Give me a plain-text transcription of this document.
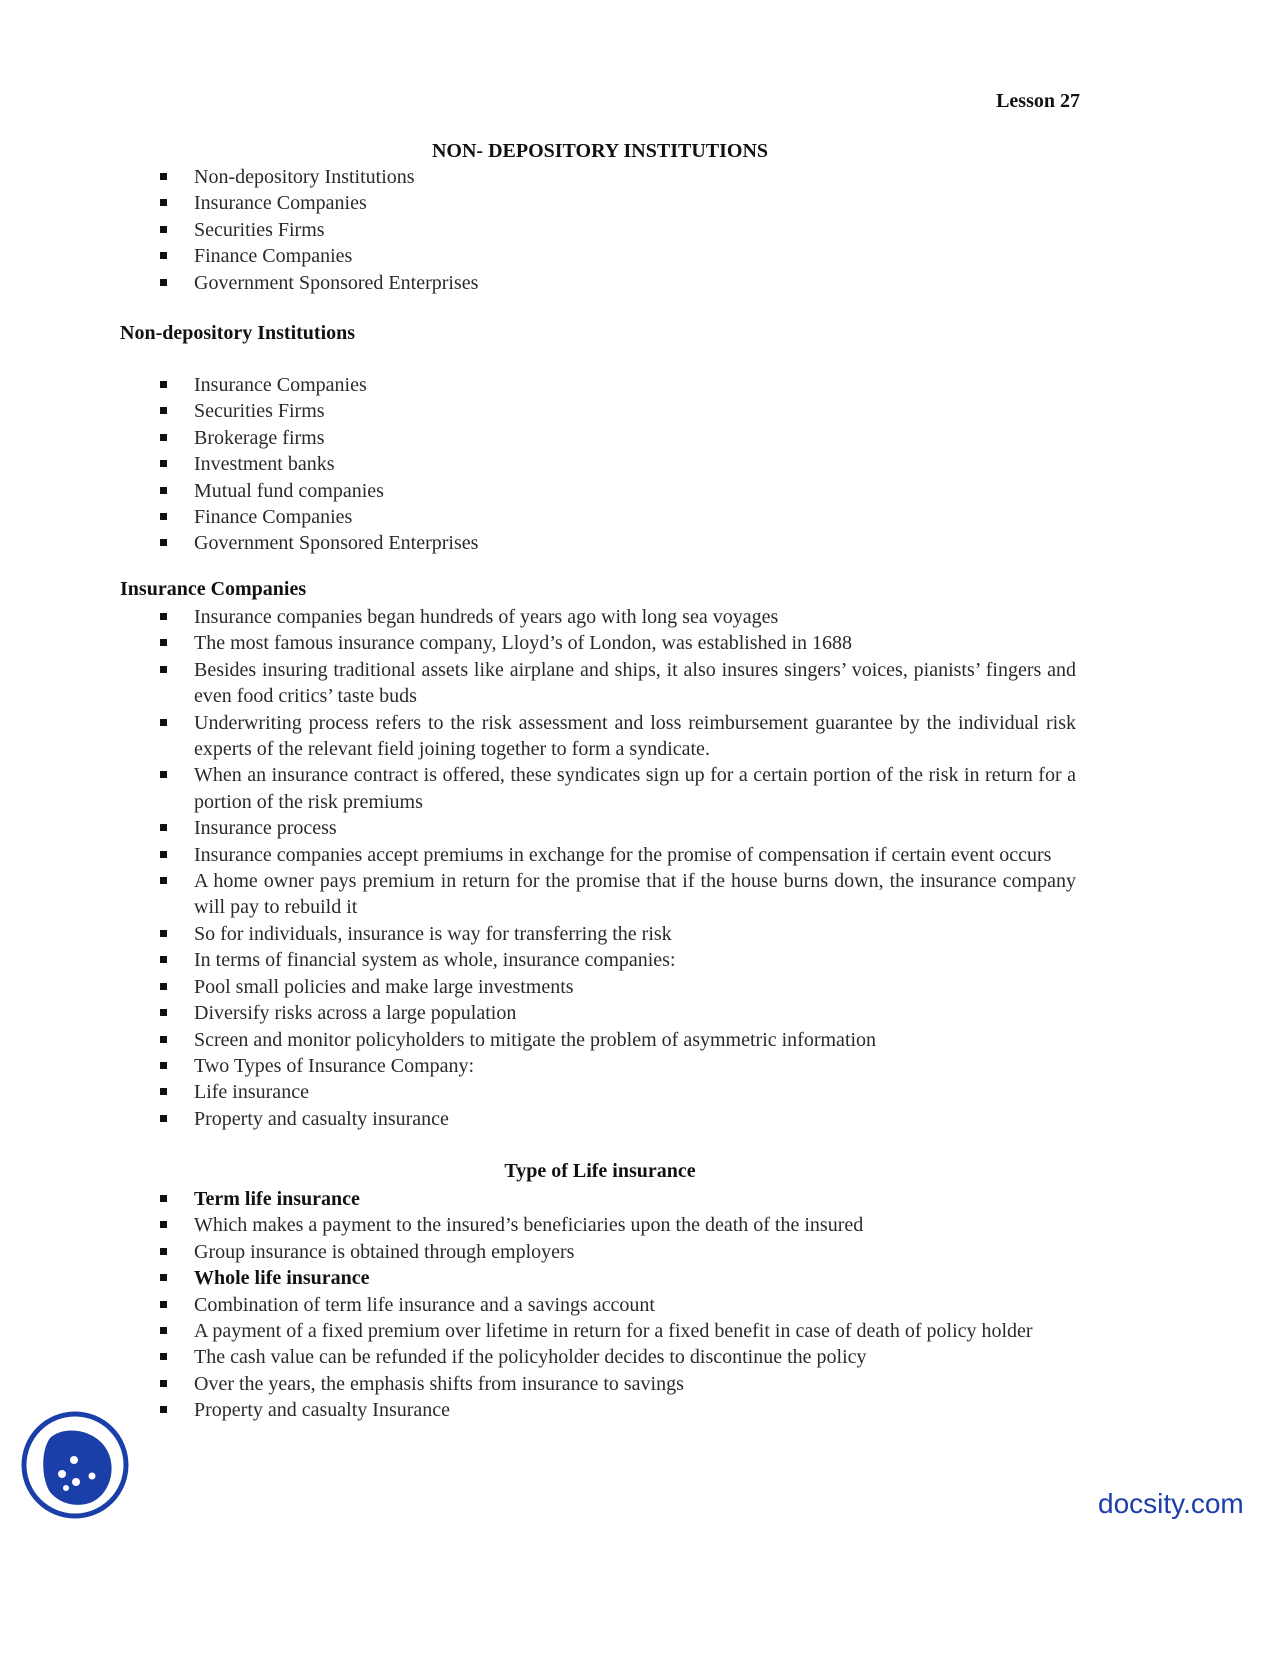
Lesson 27
NON- DEPOSITORY INSTITUTIONS
Non-depository Institutions
Insurance Companies
Securities Firms
Finance Companies
Government Sponsored Enterprises
Non-depository Institutions
Insurance Companies
Securities Firms
Brokerage firms
Investment banks
Mutual fund companies
Finance Companies
Government Sponsored Enterprises
Insurance Companies
Insurance companies began hundreds of years ago with long sea voyages
The most famous insurance company, Lloyd’s of London, was established in 1688
Besides insuring traditional assets like airplane and ships, it also insures singers’ voices, pianists’ fingers and even food critics’ taste buds
Underwriting process refers to the risk assessment and loss reimbursement guarantee by the individual risk experts of the relevant field joining together to form a syndicate.
When an insurance contract is offered, these syndicates sign up for a certain portion of the risk in return for a portion of the risk premiums
Insurance process
Insurance companies accept premiums in exchange for the promise of compensation if certain event occurs
A home owner pays premium in return for the promise that if the house burns down, the insurance company will pay to rebuild it
So for individuals, insurance is way for transferring the risk
In terms of financial system as whole, insurance companies:
Pool small policies and make large investments
Diversify risks across a large population
Screen and monitor policyholders to mitigate the problem of asymmetric information
Two Types of Insurance Company:
Life insurance
Property and casualty insurance
Type of Life insurance
Term life insurance
Which makes a payment to the insured’s beneficiaries upon the death of the insured
Group insurance is obtained through employers
Whole life insurance
Combination of term life insurance and a savings account
A payment of a fixed premium over lifetime in return for a fixed benefit in case of death of policy holder
The cash value can be refunded if the policyholder decides to discontinue the policy
Over the years, the emphasis shifts from insurance to savings
Property and casualty Insurance
docsity.com
